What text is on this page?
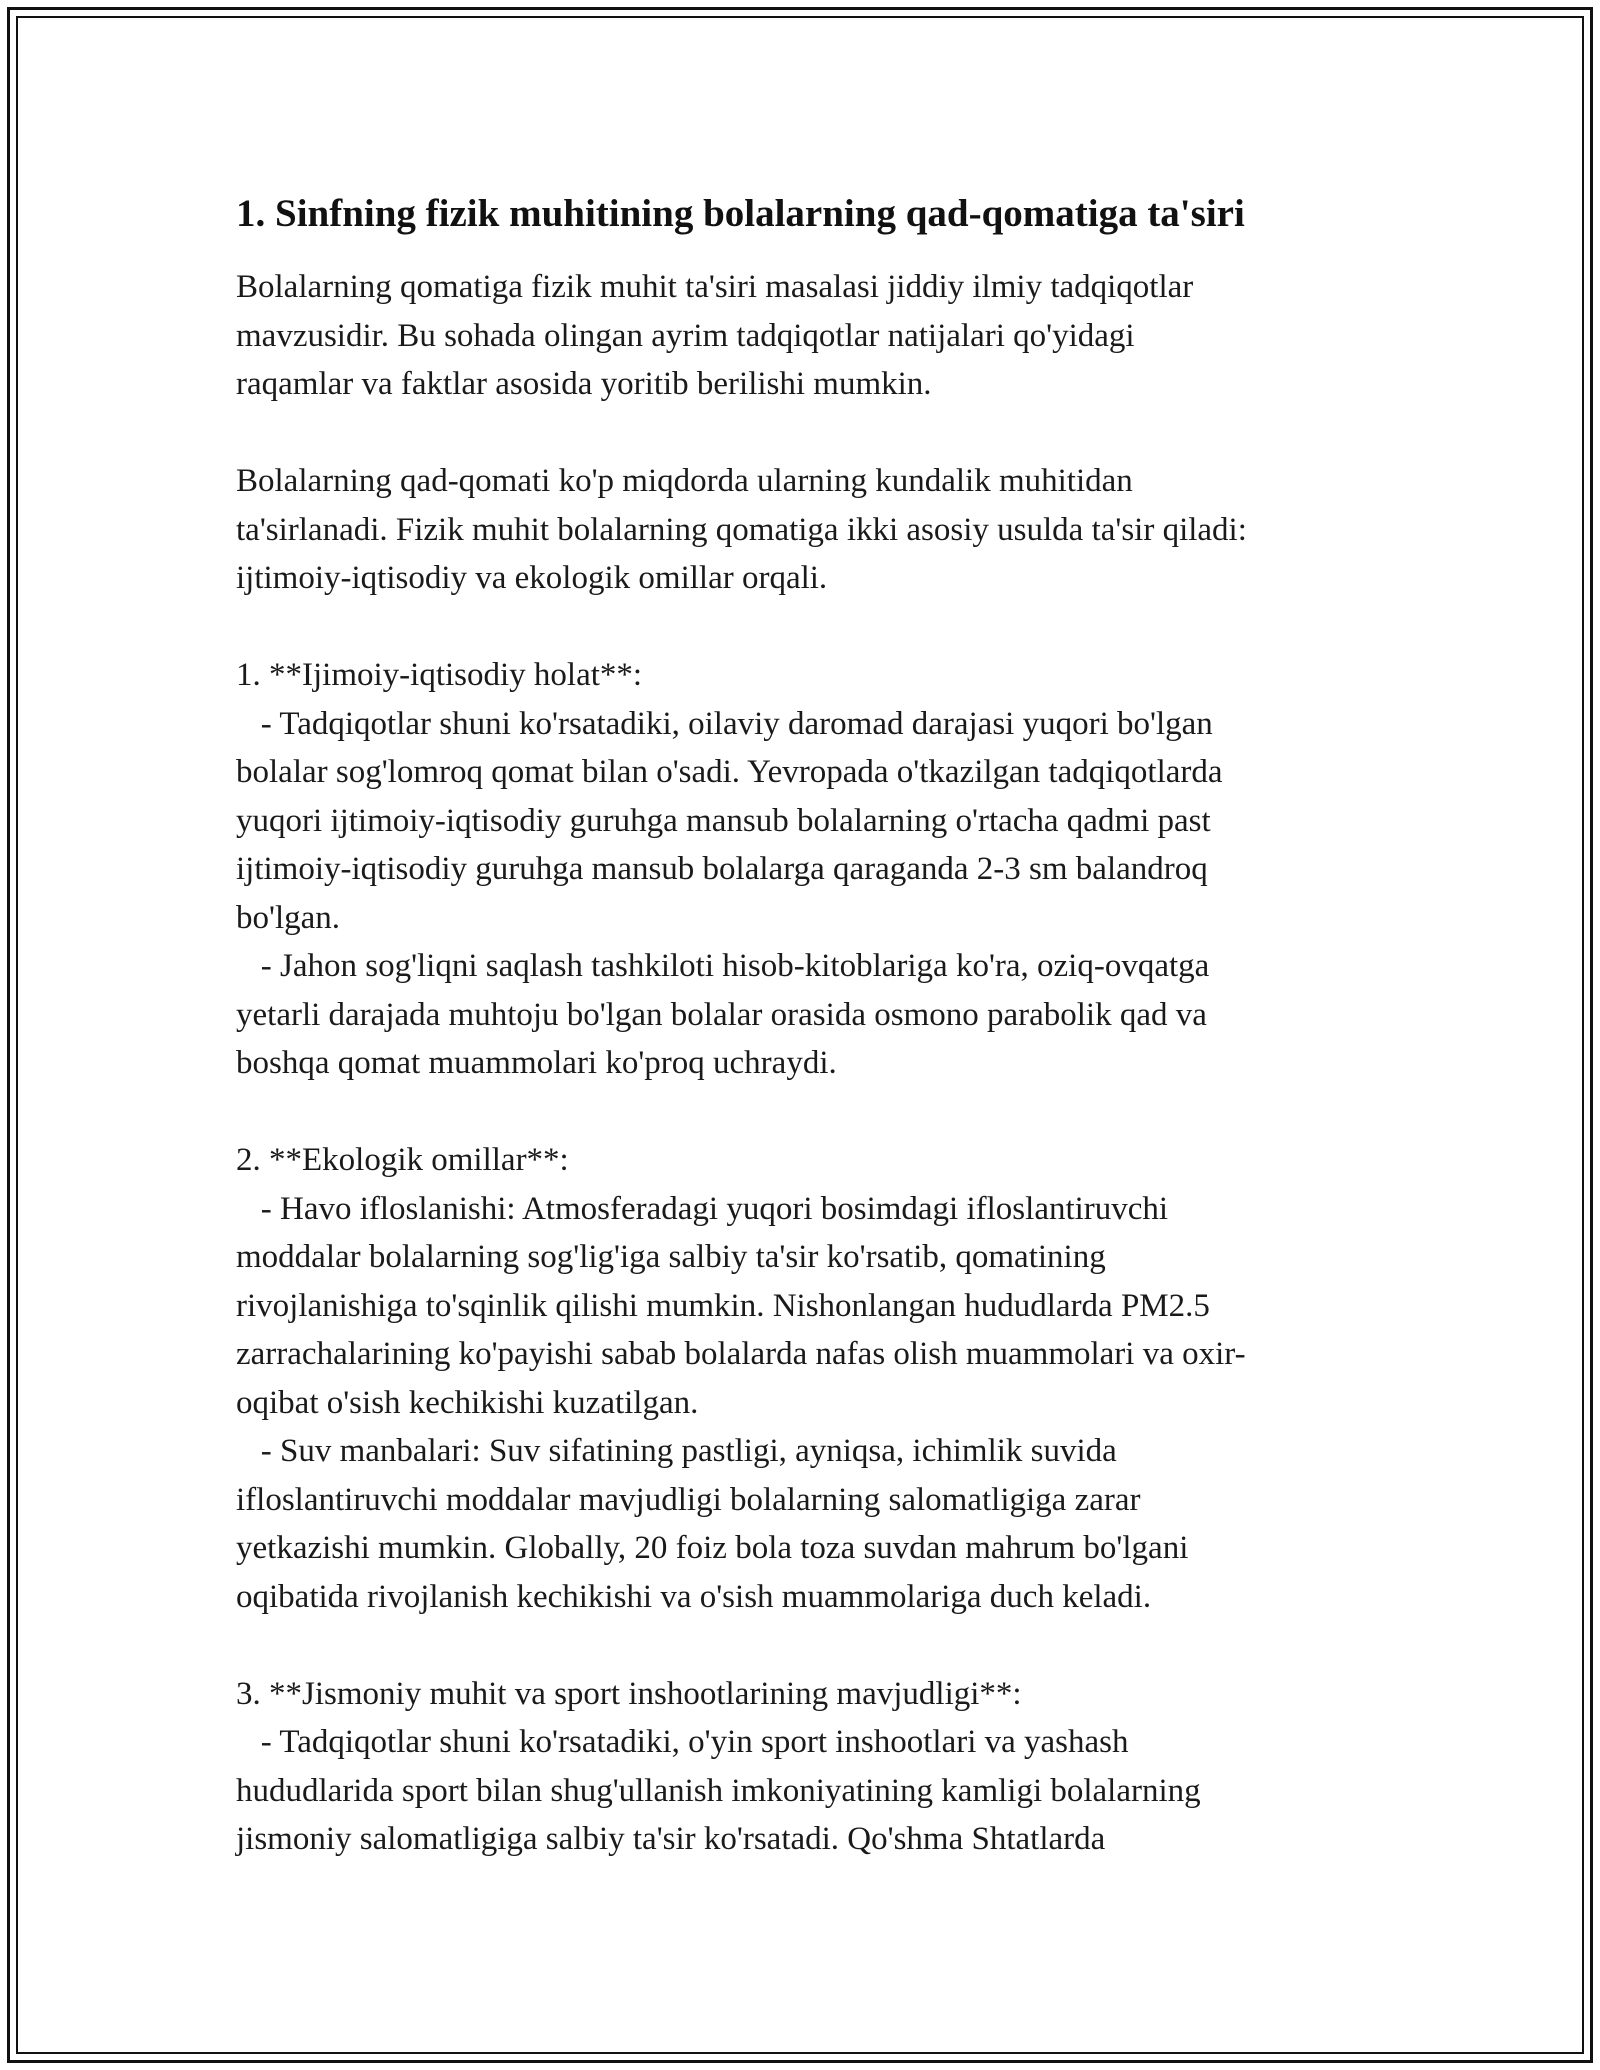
1. Sinfning fizik muhitining bolalarning qad-qomatiga ta'siri

Bolalarning qomatiga fizik muhit ta'siri masalasi jiddiy ilmiy tadqiqotlar
mavzusidir. Bu sohada olingan ayrim tadqiqotlar natijalari qo'yidagi
raqamlar va faktlar asosida yoritib berilishi mumkin.

Bolalarning qad-qomati ko'p miqdorda ularning kundalik muhitidan
ta'sirlanadi. Fizik muhit bolalarning qomatiga ikki asosiy usulda ta'sir qiladi:
ijtimoiy-iqtisodiy va ekologik omillar orqali.

1. **Ijimoiy-iqtisodiy holat**:
- Tadqiqotlar shuni ko'rsatadiki, oilaviy daromad darajasi yuqori bo'lgan
bolalar sog'lomroq qomat bilan o'sadi. Yevropada o'tkazilgan tadqiqotlarda
yuqori ijtimoiy-iqtisodiy guruhga mansub bolalarning o'rtacha qadmi past
ijtimoiy-iqtisodiy guruhga mansub bolalarga qaraganda 2-3 sm balandroq
bo'lgan.
- Jahon sog'liqni saqlash tashkiloti hisob-kitoblariga ko'ra, oziq-ovqatga
yetarli darajada muhtoju bo'lgan bolalar orasida osmono parabolik qad va
boshqa qomat muammolari ko'proq uchraydi.

2. **Ekologik omillar**:
- Havo ifloslanishi: Atmosferadagi yuqori bosimdagi ifloslantiruvchi
moddalar bolalarning sog'lig'iga salbiy ta'sir ko'rsatib, qomatining
rivojlanishiga to'sqinlik qilishi mumkin. Nishonlangan hududlarda PM2.5
zarrachalarining ko'payishi sabab bolalarda nafas olish muammolari va oxir-
oqibat o'sish kechikishi kuzatilgan.
- Suv manbalari: Suv sifatining pastligi, ayniqsa, ichimlik suvida
ifloslantiruvchi moddalar mavjudligi bolalarning salomatligiga zarar
yetkazishi mumkin. Globally, 20 foiz bola toza suvdan mahrum bo'lgani
oqibatida rivojlanish kechikishi va o'sish muammolariga duch keladi.

3. **Jismoniy muhit va sport inshootlarining mavjudligi**:
- Tadqiqotlar shuni ko'rsatadiki, o'yin sport inshootlari va yashash
hududlarida sport bilan shug'ullanish imkoniyatining kamligi bolalarning
jismoniy salomatligiga salbiy ta'sir ko'rsatadi. Qo'shma Shtatlarda
